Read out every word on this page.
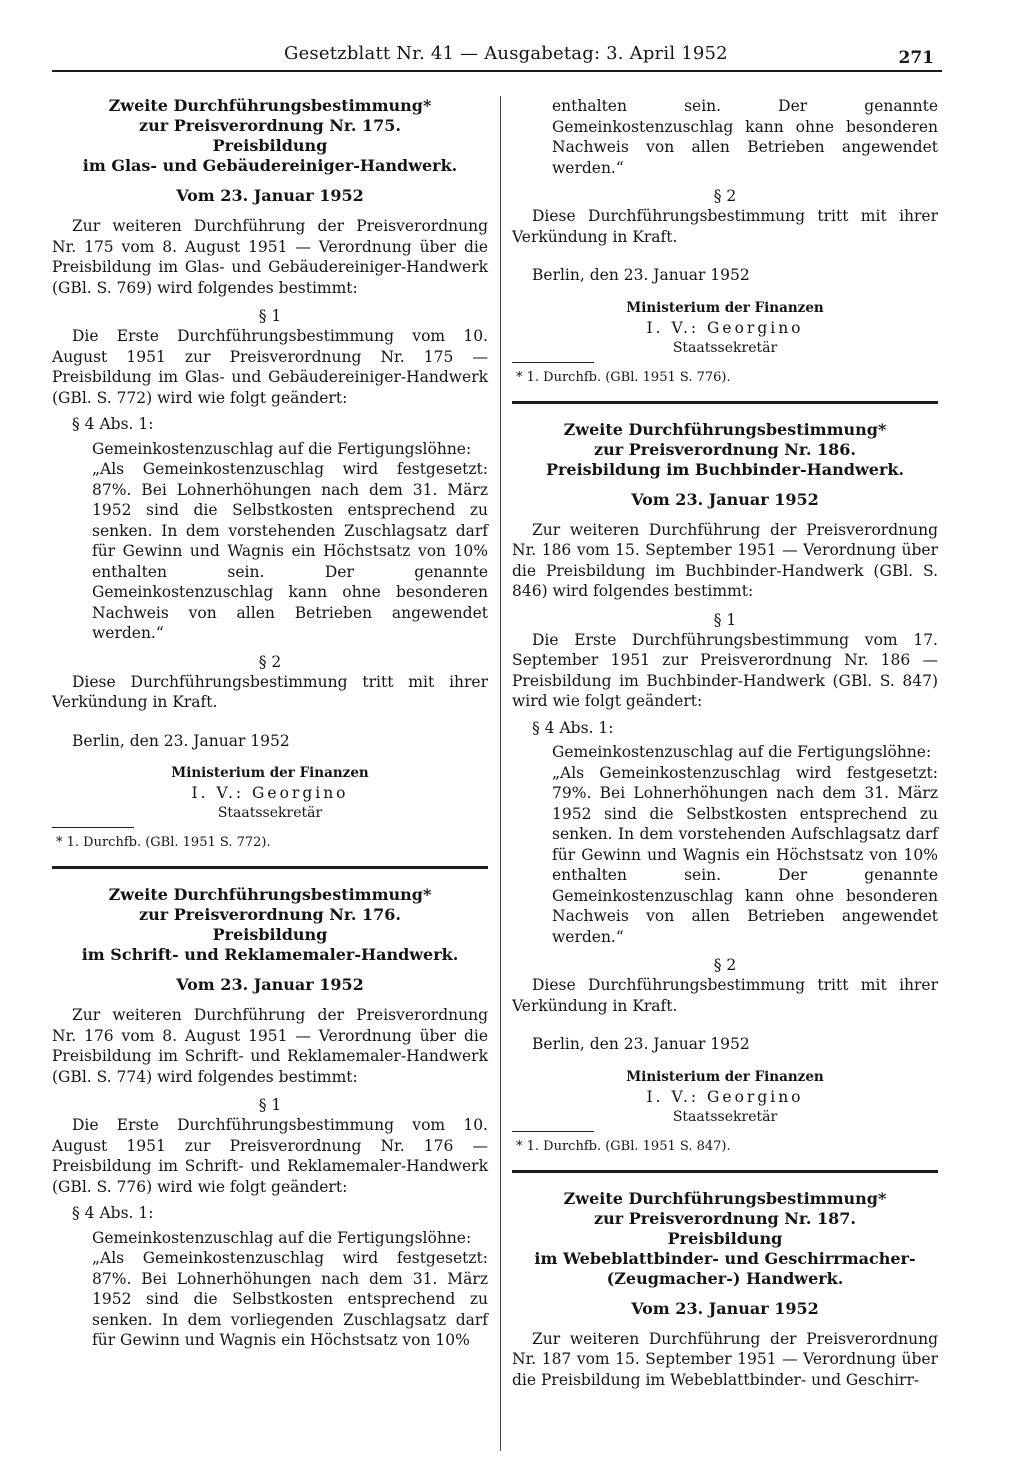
Gesetzblatt Nr. 41 — Ausgabetag: 3. April 1952	271
Zweite Durchführungsbestimmung*
zur Preisverordnung Nr. 175.
Preisbildung
im Glas- und Gebäudereiniger-Handwerk.
Vom 23. Januar 1952

Zur weiteren Durchführung der Preisverordnung Nr. 175 vom 8. August 1951 — Verordnung über die Preisbildung im Glas- und Gebäudereiniger-Handwerk (GBl. S. 769) wird folgendes bestimmt:

§ 1

Die Erste Durchführungsbestimmung vom 10. August 1951 zur Preisverordnung Nr. 175 — Preisbildung im Glas- und Gebäudereiniger-Handwerk (GBl. S. 772) wird wie folgt geändert:

§ 4 Abs. 1:

Gemeinkostenzuschlag auf die Fertigungslöhne:

„Als Gemeinkostenzuschlag wird festgesetzt: 87%. Bei Lohnerhöhungen nach dem 31. März 1952 sind die Selbstkosten entsprechend zu senken. In dem vorstehenden Zuschlagsatz darf für Gewinn und Wagnis ein Höchstsatz von 10% enthalten sein. Der genannte Gemeinkostenzuschlag kann ohne besonderen Nachweis von allen Betrieben angewendet werden.“

§ 2

Diese Durchführungsbestimmung tritt mit ihrer Verkündung in Kraft.

Berlin, den 23. Januar 1952

Ministerium der Finanzen
I. V.: Georgino
Staatssekretär
* 1. Durchfb. (GBl. 1951 S. 772).
Zweite Durchführungsbestimmung*
zur Preisverordnung Nr. 176.
Preisbildung
im Schrift- und Reklamemaler-Handwerk.
Vom 23. Januar 1952

Zur weiteren Durchführung der Preisverordnung Nr. 176 vom 8. August 1951 — Verordnung über die Preisbildung im Schrift- und Reklamemaler-Handwerk (GBl. S. 774) wird folgendes bestimmt:

§ 1

Die Erste Durchführungsbestimmung vom 10. August 1951 zur Preisverordnung Nr. 176 — Preisbildung im Schrift- und Reklamemaler-Handwerk (GBl. S. 776) wird wie folgt geändert:

§ 4 Abs. 1:

Gemeinkostenzuschlag auf die Fertigungslöhne:

„Als Gemeinkostenzuschlag wird festgesetzt: 87%. Bei Lohnerhöhungen nach dem 31. März 1952 sind die Selbstkosten entsprechend zu senken. In dem vorliegenden Zuschlagsatz darf für Gewinn und Wagnis ein Höchstsatz von 10%

enthalten sein. Der genannte Gemeinkostenzuschlag kann ohne besonderen Nachweis von allen Betrieben angewendet werden.“

§ 2

Diese Durchführungsbestimmung tritt mit ihrer Verkündung in Kraft.

Berlin, den 23. Januar 1952

Ministerium der Finanzen
I. V.: Georgino
Staatssekretär
* 1. Durchfb. (GBl. 1951 S. 776).
Zweite Durchführungsbestimmung*
zur Preisverordnung Nr. 186.
Preisbildung im Buchbinder-Handwerk.
Vom 23. Januar 1952

Zur weiteren Durchführung der Preisverordnung Nr. 186 vom 15. September 1951 — Verordnung über die Preisbildung im Buchbinder-Handwerk (GBl. S. 846) wird folgendes bestimmt:

§ 1

Die Erste Durchführungsbestimmung vom 17. September 1951 zur Preisverordnung Nr. 186 — Preisbildung im Buchbinder-Handwerk (GBl. S. 847) wird wie folgt geändert:

§ 4 Abs. 1:

Gemeinkostenzuschlag auf die Fertigungslöhne:

„Als Gemeinkostenzuschlag wird festgesetzt: 79%. Bei Lohnerhöhungen nach dem 31. März 1952 sind die Selbstkosten entsprechend zu senken. In dem vorstehenden Aufschlagsatz darf für Gewinn und Wagnis ein Höchstsatz von 10% enthalten sein. Der genannte Gemeinkostenzuschlag kann ohne besonderen Nachweis von allen Betrieben angewendet werden.“

§ 2

Diese Durchführungsbestimmung tritt mit ihrer Verkündung in Kraft.

Berlin, den 23. Januar 1952

Ministerium der Finanzen
I. V.: Georgino
Staatssekretär
* 1. Durchfb. (GBl. 1951 S. 847).
Zweite Durchführungsbestimmung*
zur Preisverordnung Nr. 187.
Preisbildung
im Webeblattbinder- und Geschirrmacher-
(Zeugmacher-) Handwerk.
Vom 23. Januar 1952

Zur weiteren Durchführung der Preisverordnung Nr. 187 vom 15. September 1951 — Verordnung über die Preisbildung im Webeblattbinder- und Geschirr-
